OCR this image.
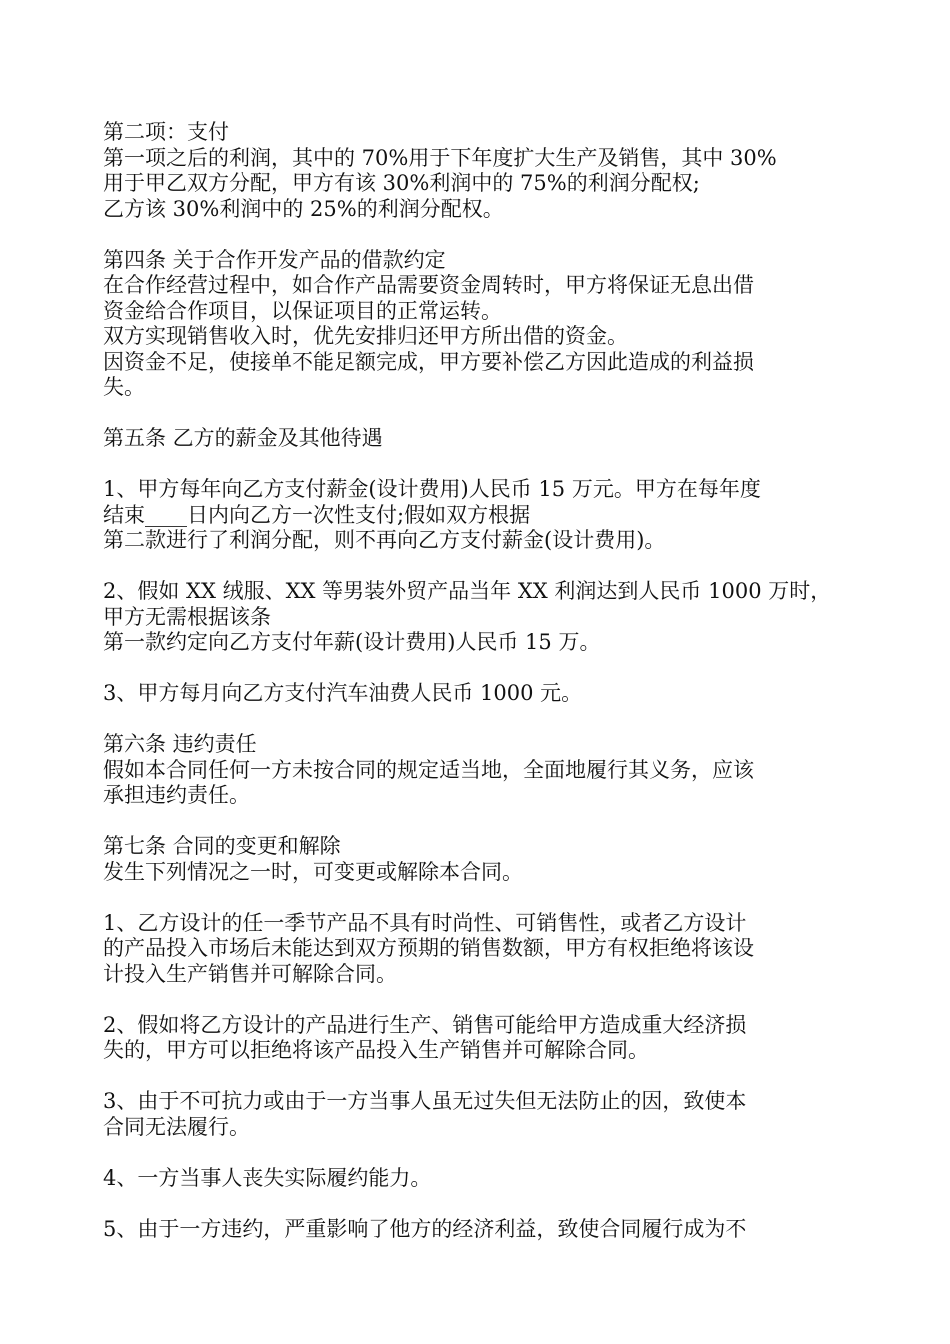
第二项：支付
第一项之后的利润，其中的 70%用于下年度扩大生产及销售，其中 30%
用于甲乙双方分配，甲方有该 30%利润中的 75%的利润分配权;
乙方该 30%利润中的 25%的利润分配权。
第四条 关于合作开发产品的借款约定
在合作经营过程中，如合作产品需要资金周转时，甲方将保证无息出借
资金给合作项目，以保证项目的正常运转。
双方实现销售收入时，优先安排归还甲方所出借的资金。
因资金不足，使接单不能足额完成，甲方要补偿乙方因此造成的利益损
失。
第五条 乙方的薪金及其他待遇
1、甲方每年向乙方支付薪金(设计费用)人民币 15 万元。甲方在每年度
结束____日内向乙方一次性支付;假如双方根据
第二款进行了利润分配，则不再向乙方支付薪金(设计费用)。
2、假如 XX 绒服、XX 等男装外贸产品当年 XX 利润达到人民币 1000 万时，
甲方无需根据该条
第一款约定向乙方支付年薪(设计费用)人民币 15 万。
3、甲方每月向乙方支付汽车油费人民币 1000 元。
第六条 违约责任
假如本合同任何一方未按合同的规定适当地，全面地履行其义务，应该
承担违约责任。
第七条 合同的变更和解除
发生下列情况之一时，可变更或解除本合同。
1、乙方设计的任一季节产品不具有时尚性、可销售性，或者乙方设计
的产品投入市场后未能达到双方预期的销售数额，甲方有权拒绝将该设
计投入生产销售并可解除合同。
2、假如将乙方设计的产品进行生产、销售可能给甲方造成重大经济损
失的，甲方可以拒绝将该产品投入生产销售并可解除合同。
3、由于不可抗力或由于一方当事人虽无过失但无法防止的因，致使本
合同无法履行。
4、一方当事人丧失实际履约能力。
5、由于一方违约，严重影响了他方的经济利益，致使合同履行成为不
